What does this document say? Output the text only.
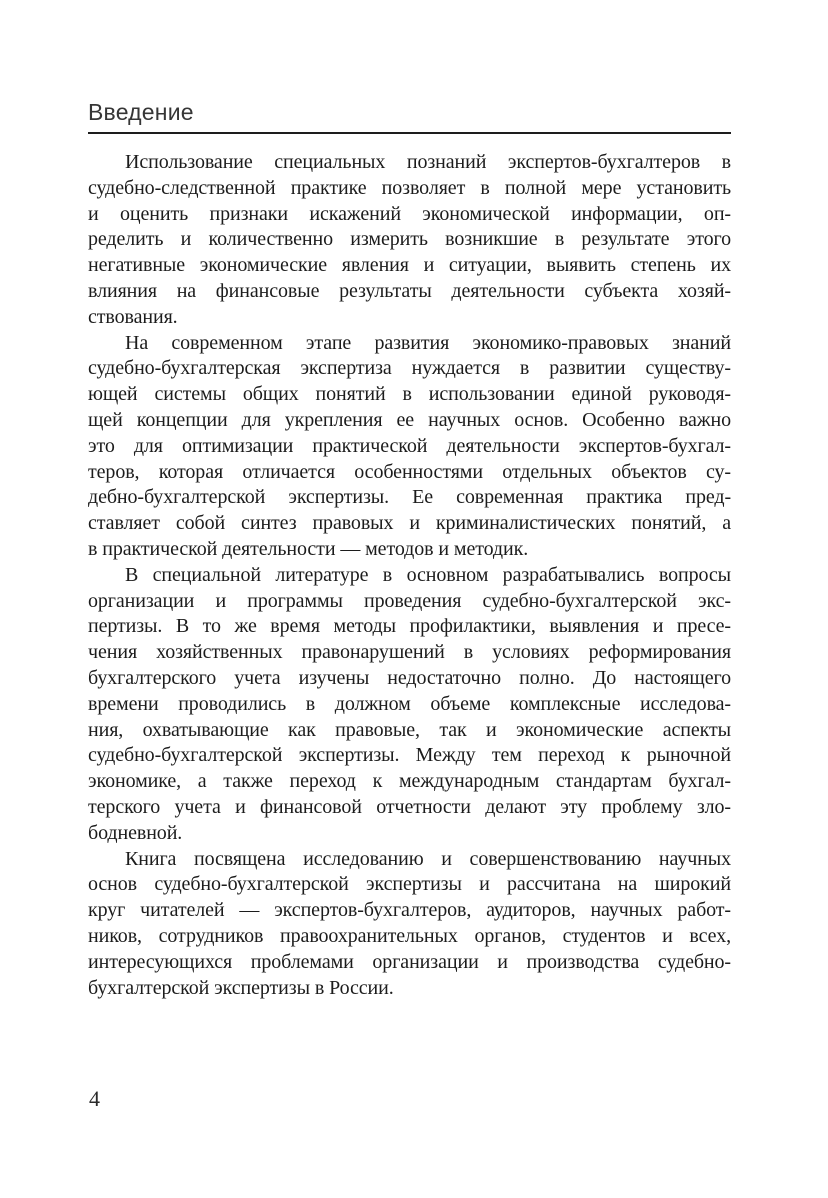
Введение
Использование специальных познаний экспертов-бухгалтеров в
судебно-следственной практике позволяет в полной мере установить
и оценить признаки искажений экономической информации, оп-
ределить и количественно измерить возникшие в результате этого
негативные экономические явления и ситуации, выявить степень их
влияния на финансовые результаты деятельности субъекта хозяй-
ствования.
На современном этапе развития экономико-правовых знаний
судебно-бухгалтерская экспертиза нуждается в развитии существу-
ющей системы общих понятий в использовании единой руководя-
щей концепции для укрепления ее научных основ. Особенно важно
это для оптимизации практической деятельности экспертов-бухгал-
теров, которая отличается особенностями отдельных объектов су-
дебно-бухгалтерской экспертизы. Ее современная практика пред-
ставляет собой синтез правовых и криминалистических понятий, а
в практической деятельности — методов и методик.
В специальной литературе в основном разрабатывались вопросы
организации и программы проведения судебно-бухгалтерской экс-
пертизы. В то же время методы профилактики, выявления и пресе-
чения хозяйственных правонарушений в условиях реформирования
бухгалтерского учета изучены недостаточно полно. До настоящего
времени проводились в должном объеме комплексные исследова-
ния, охватывающие как правовые, так и экономические аспекты
судебно-бухгалтерской экспертизы. Между тем переход к рыночной
экономике, а также переход к международным стандартам бухгал-
терского учета и финансовой отчетности делают эту проблему зло-
бодневной.
Книга посвящена исследованию и совершенствованию научных
основ судебно-бухгалтерской экспертизы и рассчитана на широкий
круг читателей — экспертов-бухгалтеров, аудиторов, научных работ-
ников, сотрудников правоохранительных органов, студентов и всех,
интересующихся проблемами организации и производства судебно-
бухгалтерской экспертизы в России.
4
